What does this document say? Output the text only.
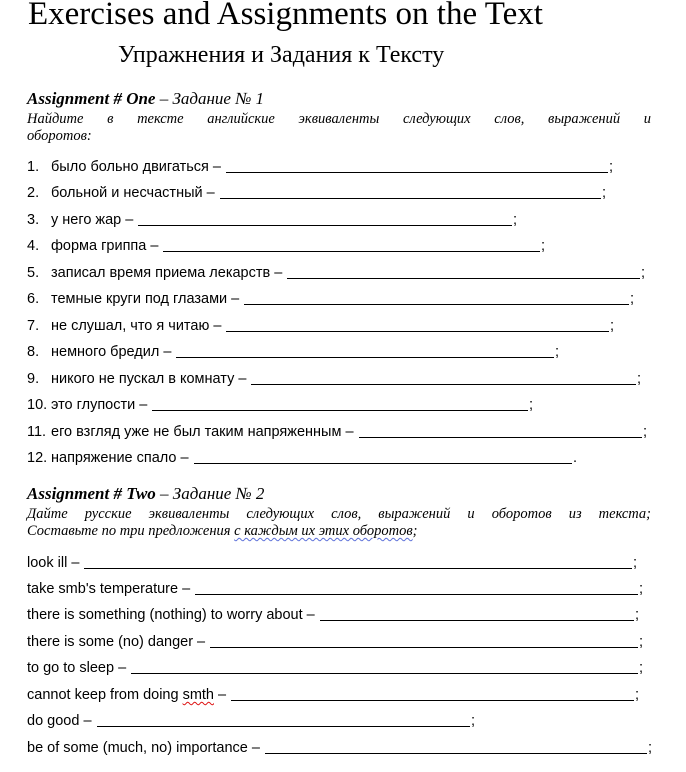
Exercises and Assignments on the Text
Упражнения и Задания к Тексту
Assignment # One – Задание № 1
Найдите в тексте английские эквиваленты следующих слов, выражений и
оборотов:
1. было больно двигаться –	;
2. больной и несчастный –	;
3. у него жар –	;
4. форма гриппа –	;
5. записал время приема лекарств –	;
6. темные круги под глазами –	;
7. не слушал, что я читаю –	;
8. немного бредил –	;
9. никого не пускал в комнату –	;
10. это глупости –	;
11. его взгляд уже не был таким напряженным –	;
12. напряжение спало –	.
Assignment # Two – Задание № 2
Дайте русские эквиваленты следующих слов, выражений и оборотов из текста;
Составьте по три предложения с каждым их этих оборотов;
look ill –	;
take smb's temperature –	;
there is something (nothing) to worry about –	;
there is some (no) danger –	;
to go to sleep –	;
cannot keep from doing smth –	;
do good –	;
be of some (much, no) importance –	;
